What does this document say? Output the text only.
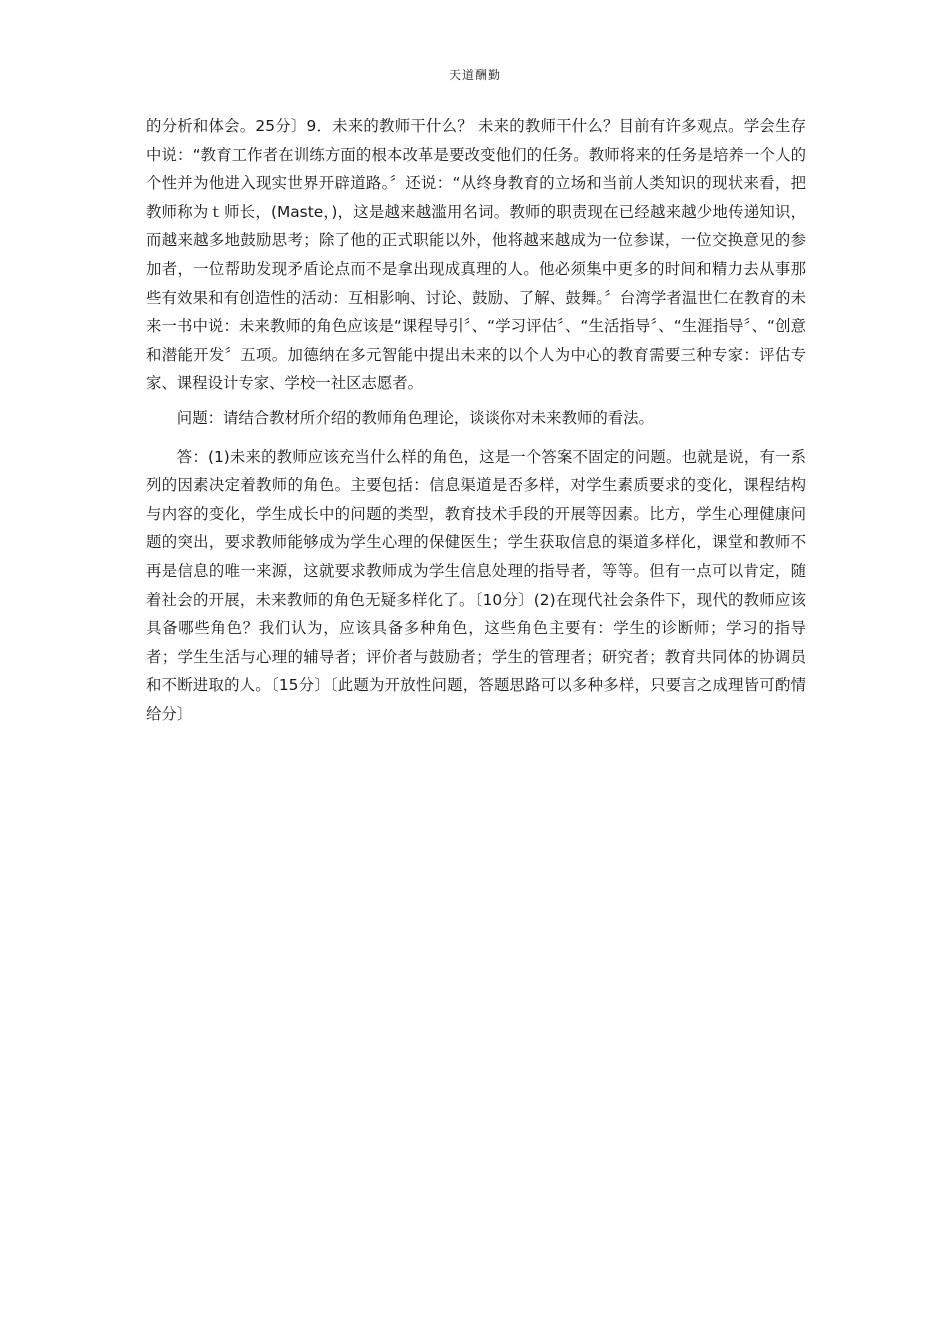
天道酬勤

的分析和体会。25分〕9．未来的教师干什么？ 未来的教师干什么？目前有许多观点。学会生存中说：“教育工作者在训练方面的根本改革是要改变他们的任务。教师将来的任务是培养一个人的个性并为他进入现实世界开辟道路。〞还说：“从终身教育的立场和当前人类知识的现状来看，把教师称为ｔ师长，(Maste，)，这是越来越滥用名词。教师的职责现在已经越来越少地传递知识，而越来越多地鼓励思考；除了他的正式职能以外，他将越来越成为一位参谋，一位交换意见的参加者，一位帮助发现矛盾论点而不是拿出现成真理的人。他必须集中更多的时间和精力去从事那些有效果和有创造性的活动：互相影响、讨论、鼓励、了解、鼓舞。〞台湾学者温世仁在教育的未来一书中说：未来教师的角色应该是“课程导引〞、“学习评估〞、“生活指导〞、“生涯指导〞、“创意和潜能开发〞五项。加德纳在多元智能中提出未来的以个人为中心的教育需要三种专家：评估专家、课程设计专家、学校一社区志愿者。

问题：请结合教材所介绍的教师角色理论，谈谈你对未来教师的看法。

答：(1)未来的教师应该充当什么样的角色，这是一个答案不固定的问题。也就是说，有一系列的因素决定着教师的角色。主要包括：信息渠道是否多样，对学生素质要求的变化，课程结构与内容的变化，学生成长中的问题的类型，教育技术手段的开展等因素。比方，学生心理健康问题的突出，要求教师能够成为学生心理的保健医生；学生获取信息的渠道多样化，课堂和教师不再是信息的唯一来源，这就要求教师成为学生信息处理的指导者，等等。但有一点可以肯定，随着社会的开展，未来教师的角色无疑多样化了。〔10分〕(2)在现代社会条件下，现代的教师应该具备哪些角色？我们认为，应该具备多种角色，这些角色主要有：学生的诊断师；学习的指导者；学生生活与心理的辅导者；评价者与鼓励者；学生的管理者；研究者；教育共同体的协调员和不断进取的人。〔15分〕〔此题为开放性问题，答题思路可以多种多样，只要言之成理皆可酌情给分〕
